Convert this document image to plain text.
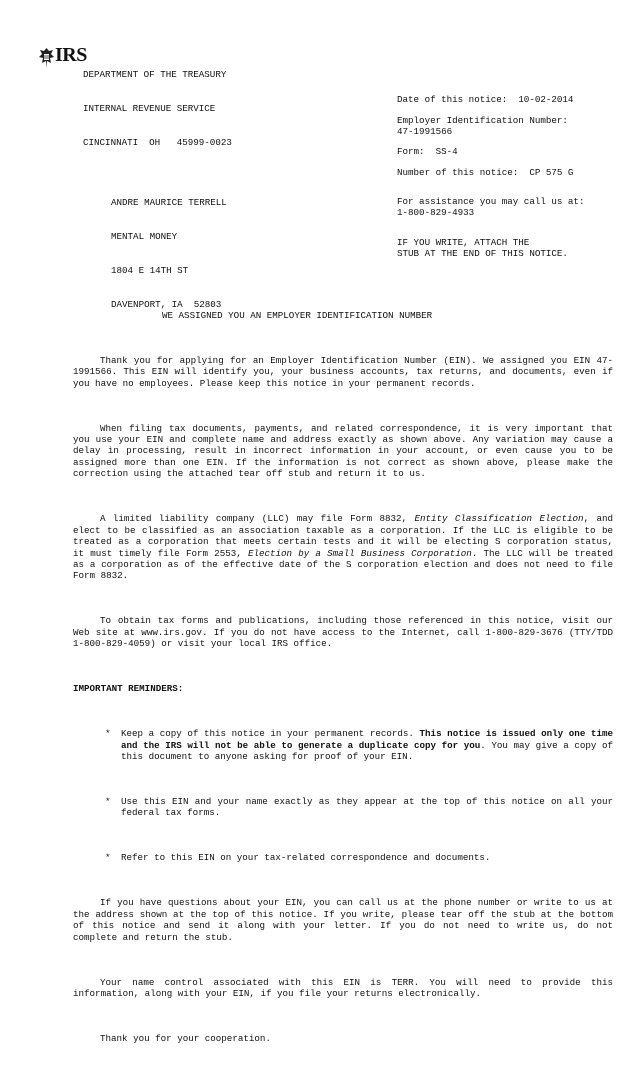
IRS

DEPARTMENT OF THE TREASURY

INTERNAL REVENUE SERVICE

CINCINNATI  OH   45999-0023

Date of this notice:  10-02-2014
Employer Identification Number:
47-1991566
Form:  SS-4
Number of this notice:  CP 575 G
For assistance you may call us at:
1-800-829-4933
IF YOU WRITE, ATTACH THE
STUB AT THE END OF THIS NOTICE.

ANDRE MAURICE TERRELL

MENTAL MONEY

1804 E 14TH ST

DAVENPORT, IA  52803

WE ASSIGNED YOU AN EMPLOYER IDENTIFICATION NUMBER

Thank you for applying for an Employer Identification Number (EIN). We assigned you EIN 47-1991566. This EIN will identify you, your business accounts, tax returns, and documents, even if you have no employees. Please keep this notice in your permanent records.

When filing tax documents, payments, and related correspondence, it is very important that you use your EIN and complete name and address exactly as shown above. Any variation may cause a delay in processing, result in incorrect information in your account, or even cause you to be assigned more than one EIN. If the information is not correct as shown above, please make the correction using the attached tear off stub and return it to us.

A limited liability company (LLC) may file Form 8832, Entity Classification Election, and elect to be classified as an association taxable as a corporation. If the LLC is eligible to be treated as a corporation that meets certain tests and it will be electing S corporation status, it must timely file Form 2553, Election by a Small Business Corporation. The LLC will be treated as a corporation as of the effective date of the S corporation election and does not need to file Form 8832.

To obtain tax forms and publications, including those referenced in this notice, visit our Web site at www.irs.gov. If you do not have access to the Internet, call 1-800-829-3676 (TTY/TDD 1-800-829-4059) or visit your local IRS office.

IMPORTANT REMINDERS:

* Keep a copy of this notice in your permanent records. This notice is issued only one time and the IRS will not be able to generate a duplicate copy for you. You may give a copy of this document to anyone asking for proof of your EIN.

* Use this EIN and your name exactly as they appear at the top of this notice on all your federal tax forms.

* Refer to this EIN on your tax-related correspondence and documents.

If you have questions about your EIN, you can call us at the phone number or write to us at the address shown at the top of this notice. If you write, please tear off the stub at the bottom of this notice and send it along with your letter. If you do not need to write us, do not complete and return the stub.

Your name control associated with this EIN is TERR. You will need to provide this information, along with your EIN, if you file your returns electronically.

Thank you for your cooperation.
